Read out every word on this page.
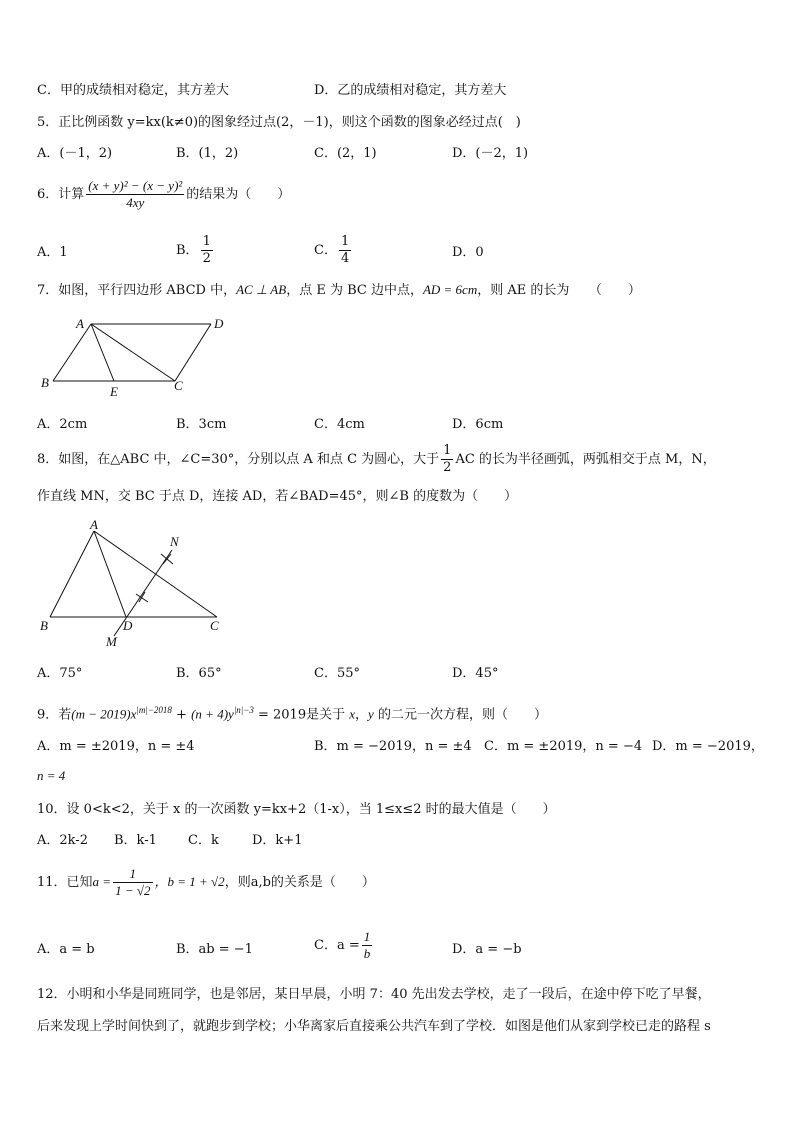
C．甲的成绩相对稳定，其方差大	D．乙的成绩相对稳定，其方差大
5．正比例函数 y=kx(k≠0)的图象经过点(2，－1)，则这个函数的图象必经过点(　)
A．(－1，2)	B．(1，2)	C．(2，1)	D．(－2，1)
6．计算 $\frac{\text{(x + y)² − (x − y)²}}{4xy}$ 的结果为（　　）
A．1	B． $\frac{1}{2}$	C． $\frac{1}{4}$	D．0
7．如图，平行四边形 ABCD 中，AC ⊥ AB，点 E 为 BC 边中点，AD = 6cm，则 AE 的长为　　（　　）
A	D
B
E	C
A．2cm	B．3cm	C．4cm	D．6cm
8．如图，在△ABC 中，∠C=30°，分别以点 A 和点 C 为圆心，大于 $\frac{1}{2}$ AC 的长为半径画弧，两弧相交于点 M，N，
作直线 MN，交 BC 于点 D，连接 AD，若∠BAD=45°，则∠B 的度数为（　　）
A
N
B	D	C
M
A．75°	B．65°	C．55°	D．45°
9．若$(m - 2019)x^{|m|-2018} + (n + 4)y^{|n|-3} = 2019$是关于 x，y 的二元一次方程，则（　　）
A．m = ±2019，n = ±4	B．m = −2019，n = ±4 C．m = ±2019，n = −4 D．m = −2019，
n = 4
10．设 0<k<2，关于 x 的一次函数 y=kx+2（1-x），当 1≤x≤2 时的最大值是（　　）
A．2k-2 B．k-1 C．k	D．k+1
11．已知$a = \frac{1}{1 - √2}$ ，b = 1 + √2，则a,b的关系是（　　）
A．a = b	B．ab = −1	C．$a = \frac{1}{b}$	D．a = −b
12．小明和小华是同班同学，也是邻居，某日早晨，小明 7：40 先出发去学校，走了一段后，在途中停下吃了早餐，
后来发现上学时间快到了，就跑步到学校；小华离家后直接乘公共汽车到了学校．如图是他们从家到学校已走的路程 s
